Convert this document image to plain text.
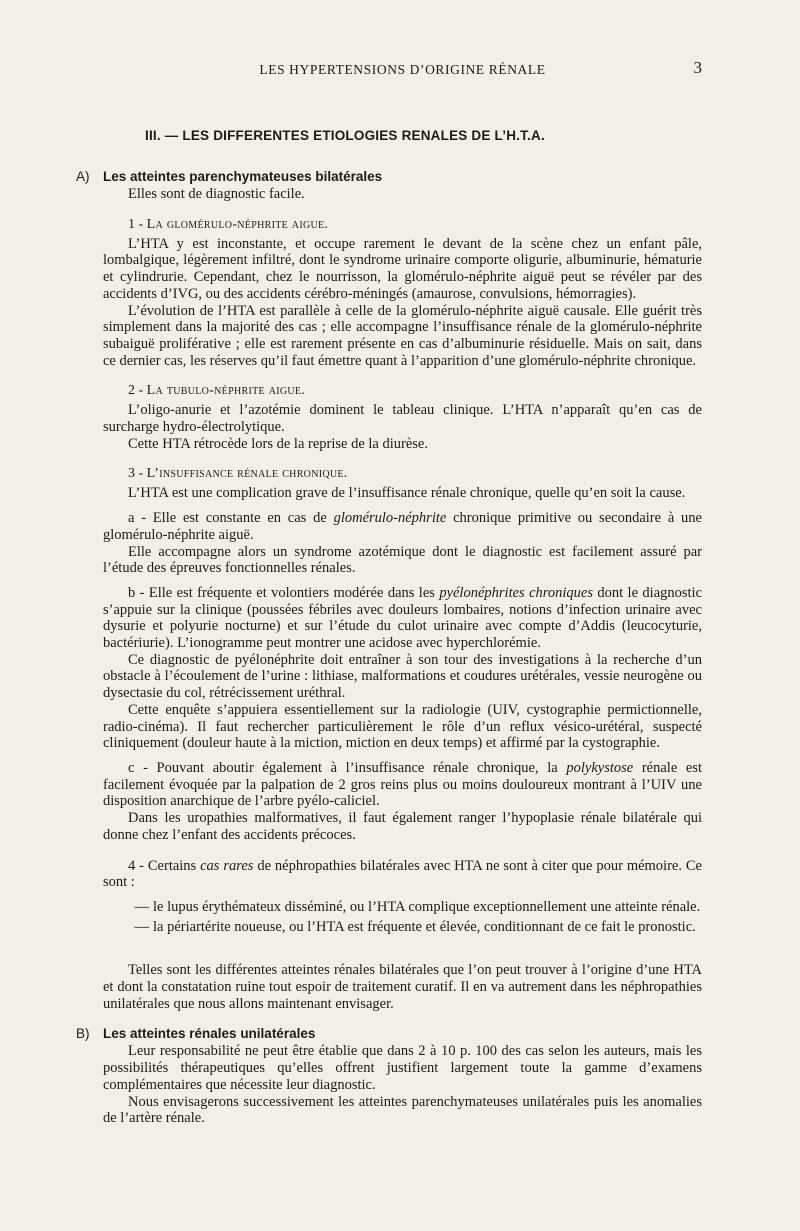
LES HYPERTENSIONS D’ORIGINE RÉNALE	3
III. — LES DIFFERENTES ETIOLOGIES RENALES DE L’H.T.A.
A) Les atteintes parenchymateuses bilatérales

Elles sont de diagnostic facile.

1 - La glomérulo-néphrite aigue.

L’HTA y est inconstante, et occupe rarement le devant de la scène chez un enfant pâle, lombalgique, légèrement infiltré, dont le syndrome urinaire comporte oligurie, albuminurie, hématurie et cylindrurie. Cependant, chez le nourrisson, la glomérulo-néphrite aiguë peut se révéler par des accidents d’IVG, ou des accidents cérébro-méningés (amaurose, convulsions, hémorragies).

L’évolution de l’HTA est parallèle à celle de la glomérulo-néphrite aiguë causale. Elle guérit très simplement dans la majorité des cas ; elle accompagne l’insuffisance rénale de la glomérulo-néphrite subaiguë proliférative ; elle est rarement présente en cas d’albuminurie résiduelle. Mais on sait, dans ce dernier cas, les réserves qu’il faut émettre quant à l’apparition d’une glomérulo-néphrite chronique.

2 - La tubulo-néphrite aigue.

L’oligo-anurie et l’azotémie dominent le tableau clinique. L’HTA n’apparaît qu’en cas de surcharge hydro-électrolytique.

Cette HTA rétrocède lors de la reprise de la diurèse.

3 - L’insuffisance rénale chronique.

L’HTA est une complication grave de l’insuffisance rénale chronique, quelle qu’en soit la cause.

a - Elle est constante en cas de glomérulo-néphrite chronique primitive ou secondaire à une glomérulo-néphrite aiguë.

Elle accompagne alors un syndrome azotémique dont le diagnostic est facilement assuré par l’étude des épreuves fonctionnelles rénales.

b - Elle est fréquente et volontiers modérée dans les pyélonéphrites chroniques dont le diagnostic s’appuie sur la clinique (poussées fébriles avec douleurs lombaires, notions d’infection urinaire avec dysurie et polyurie nocturne) et sur l’étude du culot urinaire avec compte d’Addis (leucocyturie, bactériurie). L’ionogramme peut montrer une acidose avec hyperchlorémie.

Ce diagnostic de pyélonéphrite doit entraîner à son tour des investigations à la recherche d’un obstacle à l’écoulement de l’urine : lithiase, malformations et coudures urétérales, vessie neurogène ou dysectasie du col, rétrécissement uréthral.

Cette enquête s’appuiera essentiellement sur la radiologie (UIV, cystographie permictionnelle, radio-cinéma). Il faut rechercher particulièrement le rôle d’un reflux vésico-urétéral, suspecté cliniquement (douleur haute à la miction, miction en deux temps) et affirmé par la cystographie.

c - Pouvant aboutir également à l’insuffisance rénale chronique, la polykystose rénale est facilement évoquée par la palpation de 2 gros reins plus ou moins douloureux montrant à l’UIV une disposition anarchique de l’arbre pyélo-caliciel.

Dans les uropathies malformatives, il faut également ranger l’hypoplasie rénale bilatérale qui donne chez l’enfant des accidents précoces.

4 - Certains cas rares de néphropathies bilatérales avec HTA ne sont à citer que pour mémoire. Ce sont :

— le lupus érythémateux disséminé, ou l’HTA complique exceptionnellement une atteinte rénale.
— la périartérite noueuse, ou l’HTA est fréquente et élevée, conditionnant de ce fait le pronostic.

Telles sont les différentes atteintes rénales bilatérales que l’on peut trouver à l’origine d’une HTA et dont la constatation ruine tout espoir de traitement curatif. Il en va autrement dans les néphropathies unilatérales que nous allons maintenant envisager.

B) Les atteintes rénales unilatérales

Leur responsabilité ne peut être établie que dans 2 à 10 p. 100 des cas selon les auteurs, mais les possibilités thérapeutiques qu’elles offrent justifient largement toute la gamme d’examens complémentaires que nécessite leur diagnostic.

Nous envisagerons successivement les atteintes parenchymateuses unilatérales puis les anomalies de l’artère rénale.
